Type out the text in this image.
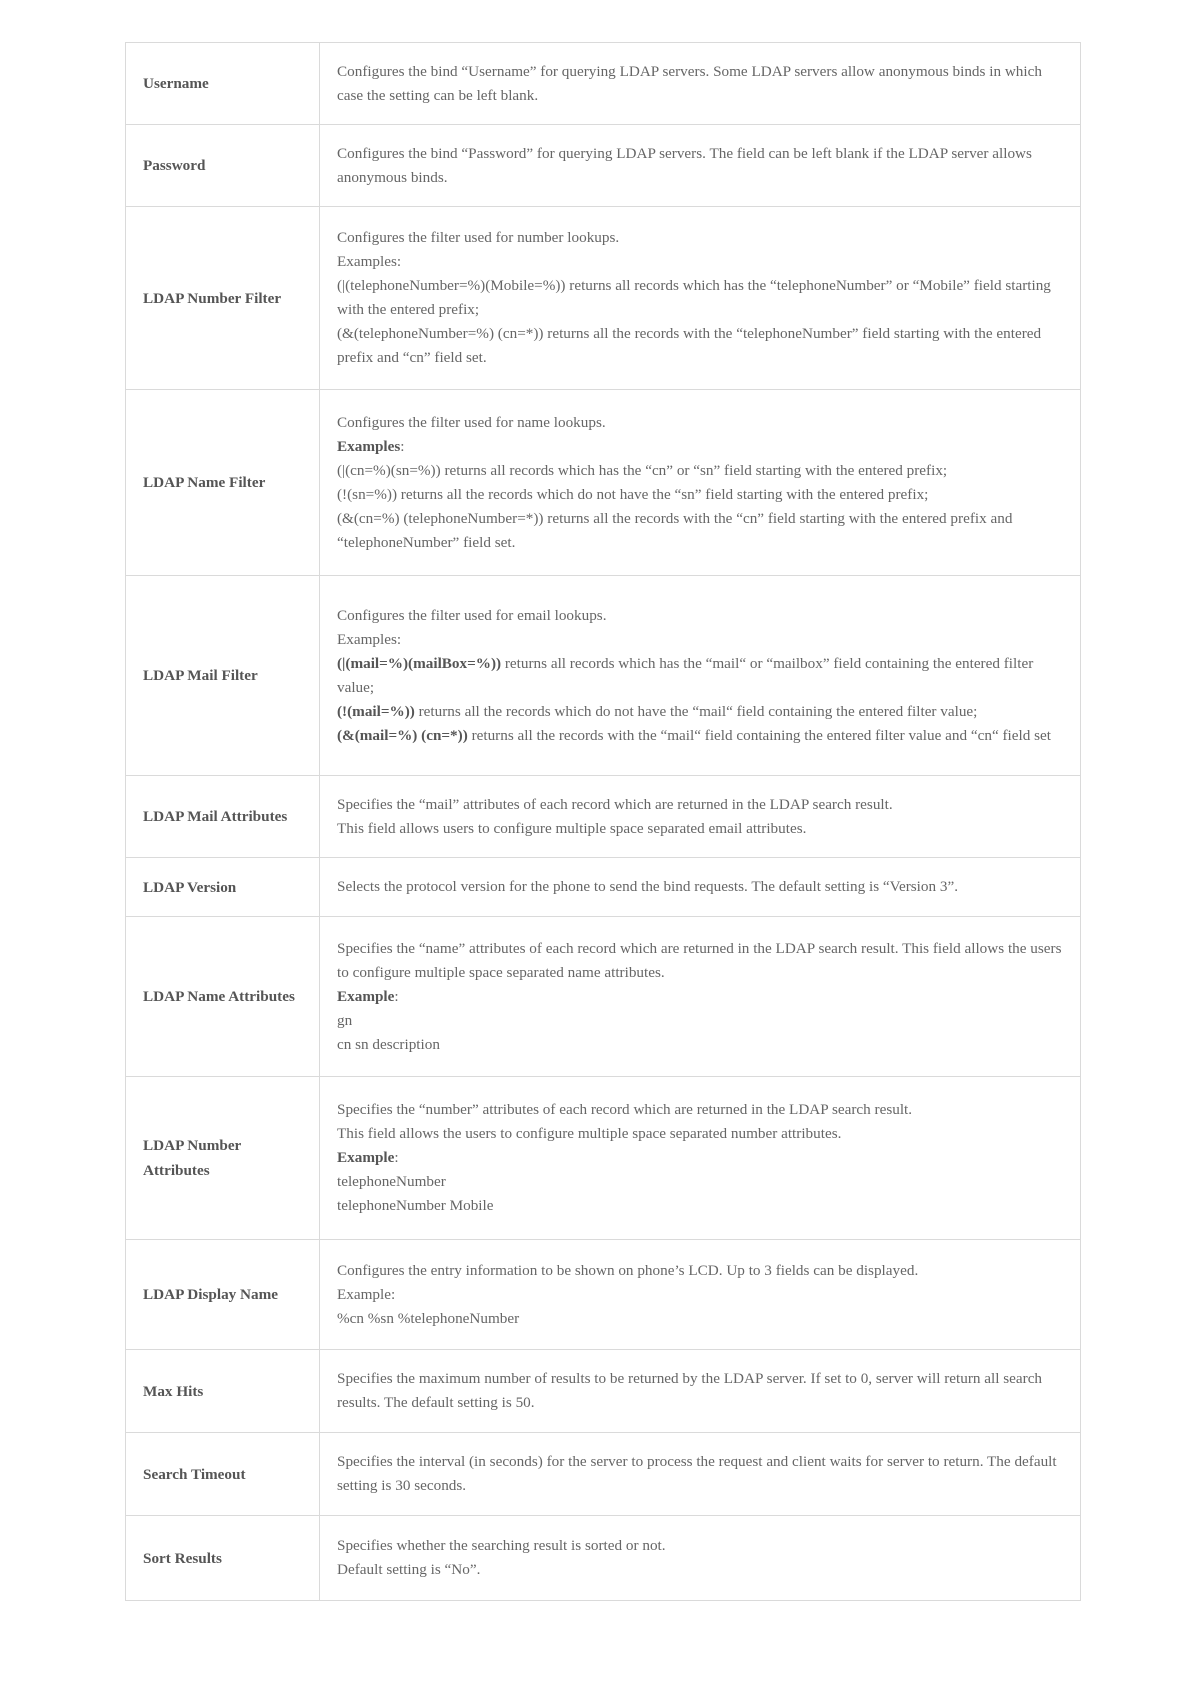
Username	Configures the bind “Username” for querying LDAP servers. Some LDAP servers allow anonymous binds in which case the setting can be left blank.

Password	Configures the bind “Password” for querying LDAP servers. The field can be left blank if the LDAP server allows anonymous binds.

LDAP Number Filter	Configures the filter used for number lookups.
Examples:
(|(telephoneNumber=%)(Mobile=%)) returns all records which has the “telephoneNumber” or “Mobile” field starting with the entered prefix;
(&(telephoneNumber=%) (cn=*)) returns all the records with the “telephoneNumber” field starting with the entered prefix and “cn” field set.

LDAP Name Filter	Configures the filter used for name lookups.
Examples:
(|(cn=%)(sn=%)) returns all records which has the “cn” or “sn” field starting with the entered prefix;
(!(sn=%)) returns all the records which do not have the “sn” field starting with the entered prefix;
(&(cn=%) (telephoneNumber=*)) returns all the records with the “cn” field starting with the entered prefix and “telephoneNumber” field set.

LDAP Mail Filter	Configures the filter used for email lookups.
Examples:
(|(mail=%)(mailBox=%)) returns all records which has the “mail“ or “mailbox” field containing the entered filter value;
(!(mail=%)) returns all the records which do not have the “mail“ field containing the entered filter value;
(&(mail=%) (cn=*)) returns all the records with the “mail“ field containing the entered filter value and “cn“ field set

LDAP Mail Attributes	Specifies the “mail” attributes of each record which are returned in the LDAP search result.
This field allows users to configure multiple space separated email attributes.

LDAP Version	Selects the protocol version for the phone to send the bind requests. The default setting is “Version 3”.

LDAP Name Attributes	Specifies the “name” attributes of each record which are returned in the LDAP search result. This field allows the users to configure multiple space separated name attributes.
Example:
gn
cn sn description

LDAP Number Attributes	Specifies the “number” attributes of each record which are returned in the LDAP search result.
This field allows the users to configure multiple space separated number attributes.
Example:
telephoneNumber
telephoneNumber Mobile

LDAP Display Name	Configures the entry information to be shown on phone’s LCD. Up to 3 fields can be displayed.
Example:
%cn %sn %telephoneNumber

Max Hits	Specifies the maximum number of results to be returned by the LDAP server. If set to 0, server will return all search results. The default setting is 50.

Search Timeout	Specifies the interval (in seconds) for the server to process the request and client waits for server to return. The default setting is 30 seconds.

Sort Results	Specifies whether the searching result is sorted or not.
Default setting is “No”.
